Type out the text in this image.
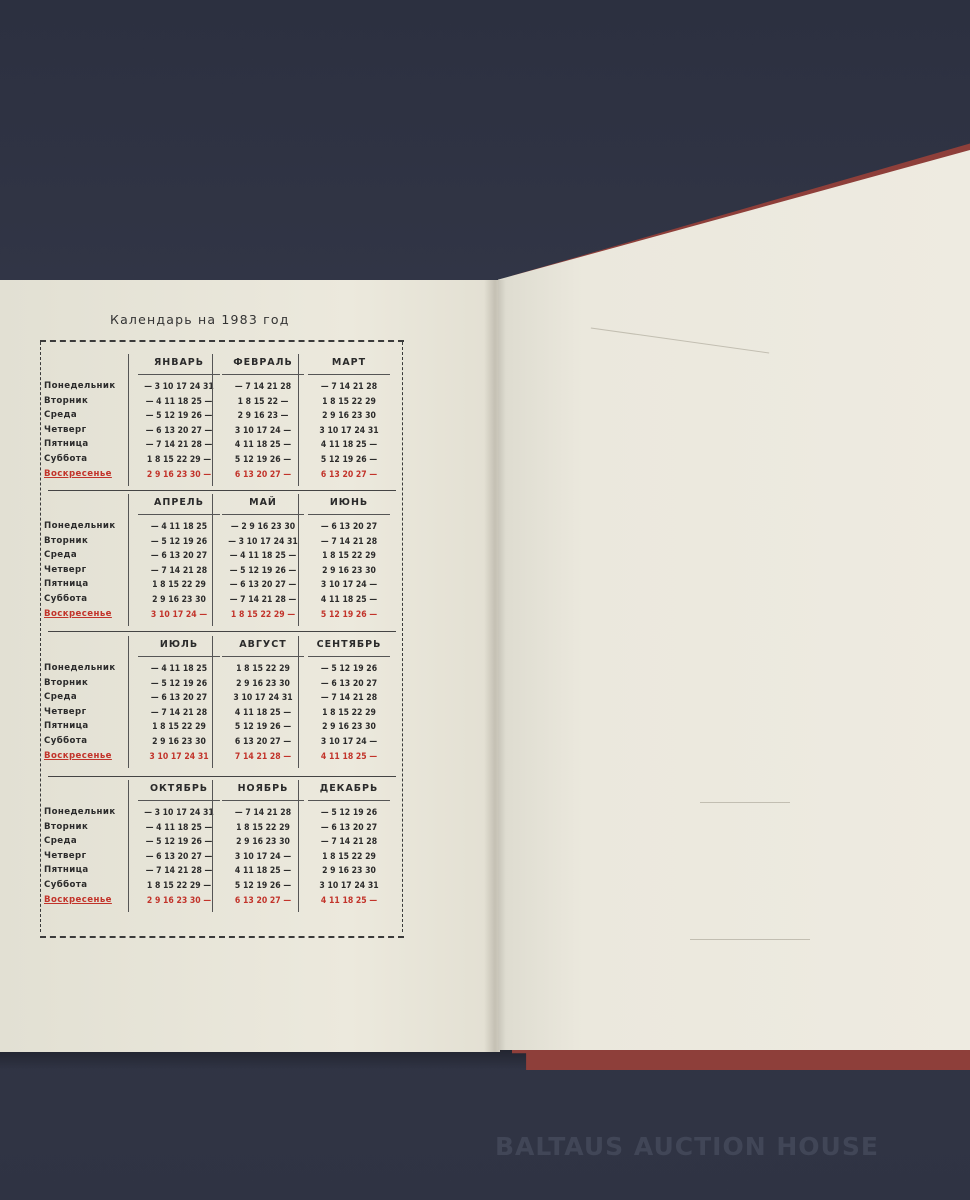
Календарь на 1983 год
Понедельник
Вторник
Среда
Четверг
Пятница
Суббота
Воскресенье
ЯНВАРЬ
— 3 10 17 24 31
— 4 11 18 25 —
— 5 12 19 26 —
— 6 13 20 27 —
— 7 14 21 28 —
1 8 15 22 29 —
2 9 16 23 30 —
ФЕВРАЛЬ
— 7 14 21 28
1 8 15 22 —
2 9 16 23 —
3 10 17 24 —
4 11 18 25 —
5 12 19 26 —
6 13 20 27 —
МАРТ
— 7 14 21 28
1 8 15 22 29
2 9 16 23 30
3 10 17 24 31
4 11 18 25 —
5 12 19 26 —
6 13 20 27 —
Понедельник
Вторник
Среда
Четверг
Пятница
Суббота
Воскресенье
АПРЕЛЬ
— 4 11 18 25
— 5 12 19 26
— 6 13 20 27
— 7 14 21 28
1 8 15 22 29
2 9 16 23 30
3 10 17 24 —
МАЙ
— 2 9 16 23 30
— 3 10 17 24 31
— 4 11 18 25 —
— 5 12 19 26 —
— 6 13 20 27 —
— 7 14 21 28 —
1 8 15 22 29 —
ИЮНЬ
— 6 13 20 27
— 7 14 21 28
1 8 15 22 29
2 9 16 23 30
3 10 17 24 —
4 11 18 25 —
5 12 19 26 —
Понедельник
Вторник
Среда
Четверг
Пятница
Суббота
Воскресенье
ИЮЛЬ
— 4 11 18 25
— 5 12 19 26
— 6 13 20 27
— 7 14 21 28
1 8 15 22 29
2 9 16 23 30
3 10 17 24 31
АВГУСТ
1 8 15 22 29
2 9 16 23 30
3 10 17 24 31
4 11 18 25 —
5 12 19 26 —
6 13 20 27 —
7 14 21 28 —
СЕНТЯБРЬ
— 5 12 19 26
— 6 13 20 27
— 7 14 21 28
1 8 15 22 29
2 9 16 23 30
3 10 17 24 —
4 11 18 25 —
Понедельник
Вторник
Среда
Четверг
Пятница
Суббота
Воскресенье
ОКТЯБРЬ
— 3 10 17 24 31
— 4 11 18 25 —
— 5 12 19 26 —
— 6 13 20 27 —
— 7 14 21 28 —
1 8 15 22 29 —
2 9 16 23 30 —
НОЯБРЬ
— 7 14 21 28
1 8 15 22 29
2 9 16 23 30
3 10 17 24 —
4 11 18 25 —
5 12 19 26 —
6 13 20 27 —
ДЕКАБРЬ
— 5 12 19 26
— 6 13 20 27
— 7 14 21 28
1 8 15 22 29
2 9 16 23 30
3 10 17 24 31
4 11 18 25 —
BALTAUS AUCTION HOUSE
